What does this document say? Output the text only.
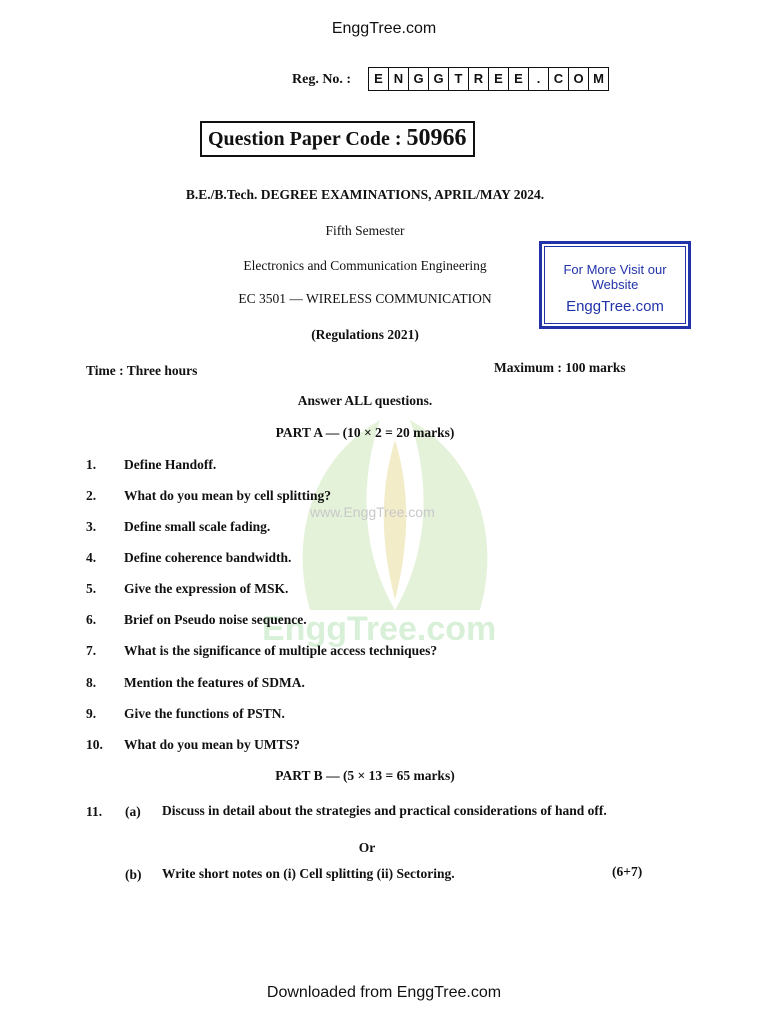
www.EnggTree.com
EnggTree.com
EnggTree.com
Reg. No. :	E N G G T R E E	.	C O M
Question Paper Code : 50966
B.E./B.Tech. DEGREE EXAMINATIONS, APRIL/MAY 2024.
Fifth Semester
Electronics and Communication Engineering
EC 3501 — WIRELESS COMMUNICATION
(Regulations 2021)
For More Visit our Website
EnggTree.com
Time : Three hours	Maximum : 100 marks
Answer ALL questions.
PART A — (10 × 2 = 20 marks)
1. Define Handoff.
2. What do you mean by cell splitting?
3. Define small scale fading.
4. Define coherence bandwidth.
5. Give the expression of MSK.
6. Brief on Pseudo noise sequence.
7. What is the significance of multiple access techniques?
8. Mention the features of SDMA.
9. Give the functions of PSTN.
10. What do you mean by UMTS?
PART B — (5 × 13 = 65 marks)
11. (a) Discuss in detail about the strategies and practical considerations of hand off.
Or
(b) Write short notes on (i) Cell splitting (ii) Sectoring.	(6+7)
Downloaded from EnggTree.com
